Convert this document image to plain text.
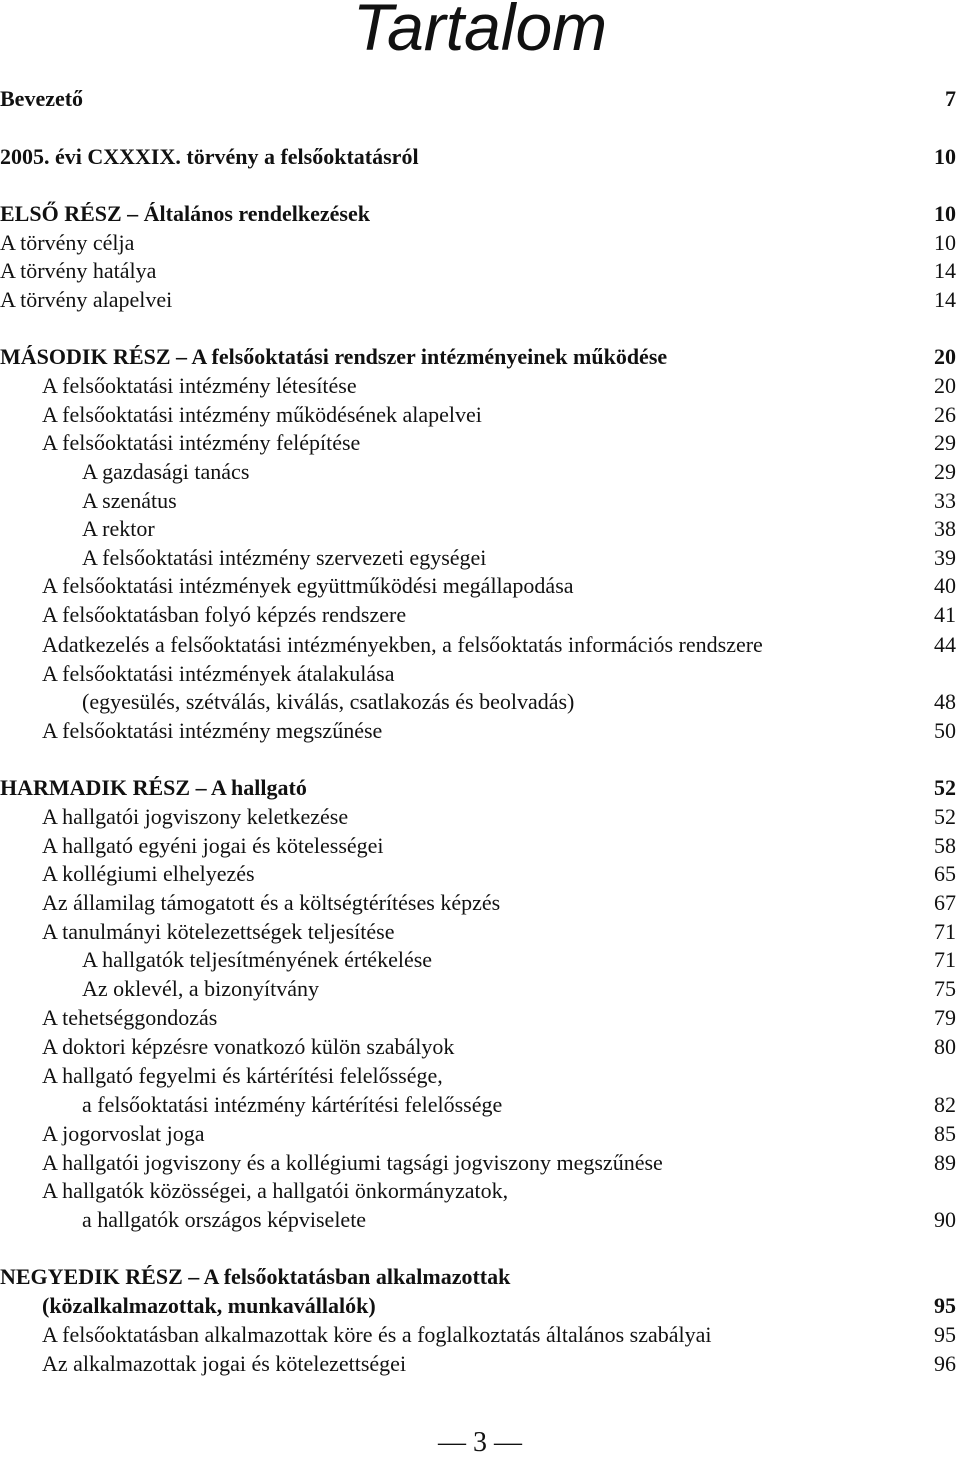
Tartalom
Bevezető	7
2005. évi CXXXIX. törvény a felsőoktatásról	10
ELSŐ RÉSZ – Általános rendelkezések	10
A törvény célja	10
A törvény hatálya	14
A törvény alapelvei	14
MÁSODIK RÉSZ – A felsőoktatási rendszer intézményeinek működése	20
A felsőoktatási intézmény létesítése	20
A felsőoktatási intézmény működésének alapelvei	26
A felsőoktatási intézmény felépítése	29
A gazdasági tanács	29
A szenátus	33
A rektor	38
A felsőoktatási intézmény szervezeti egységei	39
A felsőoktatási intézmények együttműködési megállapodása	40
A felsőoktatásban folyó képzés rendszere	41
Adatkezelés a felsőoktatási intézményekben, a felsőoktatás információs rendszere	44
A felsőoktatási intézmények átalakulása
(egyesülés, szétválás, kiválás, csatlakozás és beolvadás)	48
A felsőoktatási intézmény megszűnése	50
HARMADIK RÉSZ – A hallgató	52
A hallgatói jogviszony keletkezése	52
A hallgató egyéni jogai és kötelességei	58
A kollégiumi elhelyezés	65
Az államilag támogatott és a költségtérítéses képzés	67
A tanulmányi kötelezettségek teljesítése	71
A hallgatók teljesítményének értékelése	71
Az oklevél, a bizonyítvány	75
A tehetséggondozás	79
A doktori képzésre vonatkozó külön szabályok	80
A hallgató fegyelmi és kártérítési felelőssége,
a felsőoktatási intézmény kártérítési felelőssége	82
A jogorvoslat joga	85
A hallgatói jogviszony és a kollégiumi tagsági jogviszony megszűnése	89
A hallgatók közösségei, a hallgatói önkormányzatok,
a hallgatók országos képviselete	90
NEGYEDIK RÉSZ – A felsőoktatásban alkalmazottak
(közalkalmazottak, munkavállalók)	95
A felsőoktatásban alkalmazottak köre és a foglalkoztatás általános szabályai	95
Az alkalmazottak jogai és kötelezettségei	96
— 3 —
